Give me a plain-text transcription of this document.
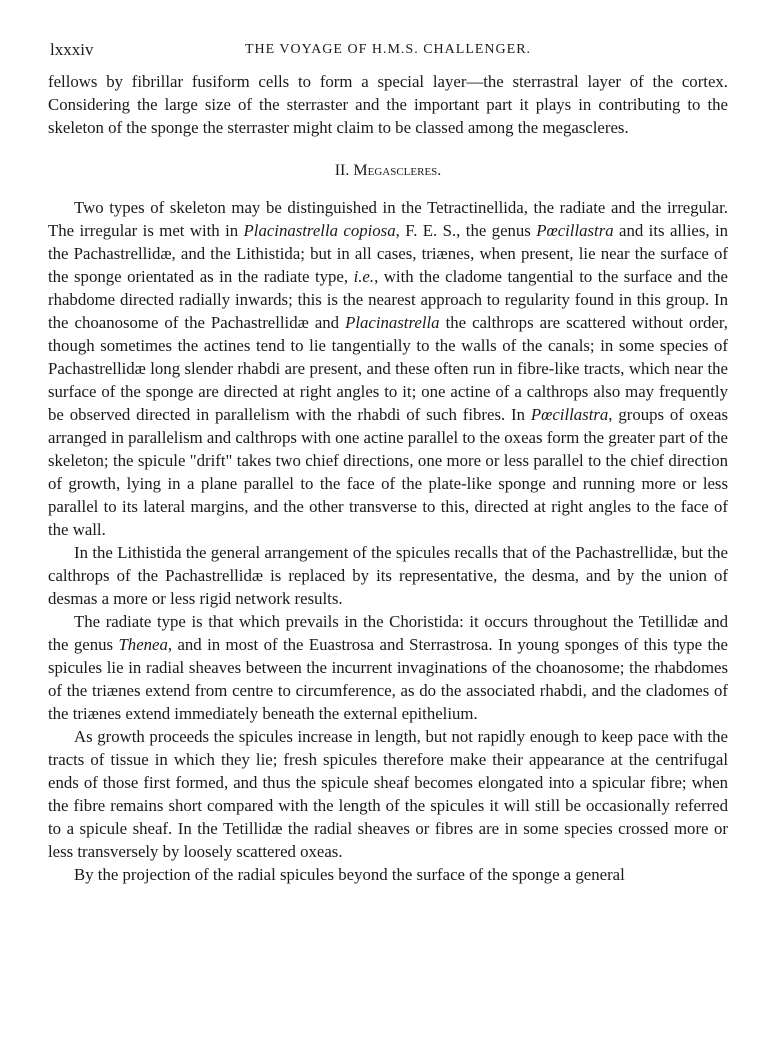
lxxxiv	THE VOYAGE OF H.M.S. CHALLENGER.

fellows by fibrillar fusiform cells to form a special layer—the sterrastral layer of the cortex. Considering the large size of the sterraster and the important part it plays in contributing to the skeleton of the sponge the sterraster might claim to be classed among the megascleres.

II. Megascleres.

Two types of skeleton may be distinguished in the Tetractinellida, the radiate and the irregular. The irregular is met with in Placinastrella copiosa, F. E. S., the genus Pœcillastra and its allies, in the Pachastrellidæ, and the Lithistida; but in all cases, triænes, when present, lie near the surface of the sponge orientated as in the radiate type, i.e., with the cladome tangential to the surface and the rhabdome directed radially inwards; this is the nearest approach to regularity found in this group. In the choanosome of the Pachastrellidæ and Placinastrella the calthrops are scattered without order, though sometimes the actines tend to lie tangentially to the walls of the canals; in some species of Pachastrellidæ long slender rhabdi are present, and these often run in fibre-like tracts, which near the surface of the sponge are directed at right angles to it; one actine of a calthrops also may frequently be observed directed in parallelism with the rhabdi of such fibres. In Pœcillastra, groups of oxeas arranged in parallelism and calthrops with one actine parallel to the oxeas form the greater part of the skeleton; the spicule "drift" takes two chief directions, one more or less parallel to the chief direction of growth, lying in a plane parallel to the face of the plate-like sponge and running more or less parallel to its lateral margins, and the other transverse to this, directed at right angles to the face of the wall.

In the Lithistida the general arrangement of the spicules recalls that of the Pachastrellidæ, but the calthrops of the Pachastrellidæ is replaced by its representative, the desma, and by the union of desmas a more or less rigid network results.

The radiate type is that which prevails in the Choristida: it occurs throughout the Tetillidæ and the genus Thenea, and in most of the Euastrosa and Sterrastrosa. In young sponges of this type the spicules lie in radial sheaves between the incurrent invaginations of the choanosome; the rhabdomes of the triænes extend from centre to circumference, as do the associated rhabdi, and the cladomes of the triænes extend immediately beneath the external epithelium.

As growth proceeds the spicules increase in length, but not rapidly enough to keep pace with the tracts of tissue in which they lie; fresh spicules therefore make their appearance at the centrifugal ends of those first formed, and thus the spicule sheaf becomes elongated into a spicular fibre; when the fibre remains short compared with the length of the spicules it will still be occasionally referred to a spicule sheaf. In the Tetillidæ the radial sheaves or fibres are in some species crossed more or less transversely by loosely scattered oxeas.

By the projection of the radial spicules beyond the surface of the sponge a general
